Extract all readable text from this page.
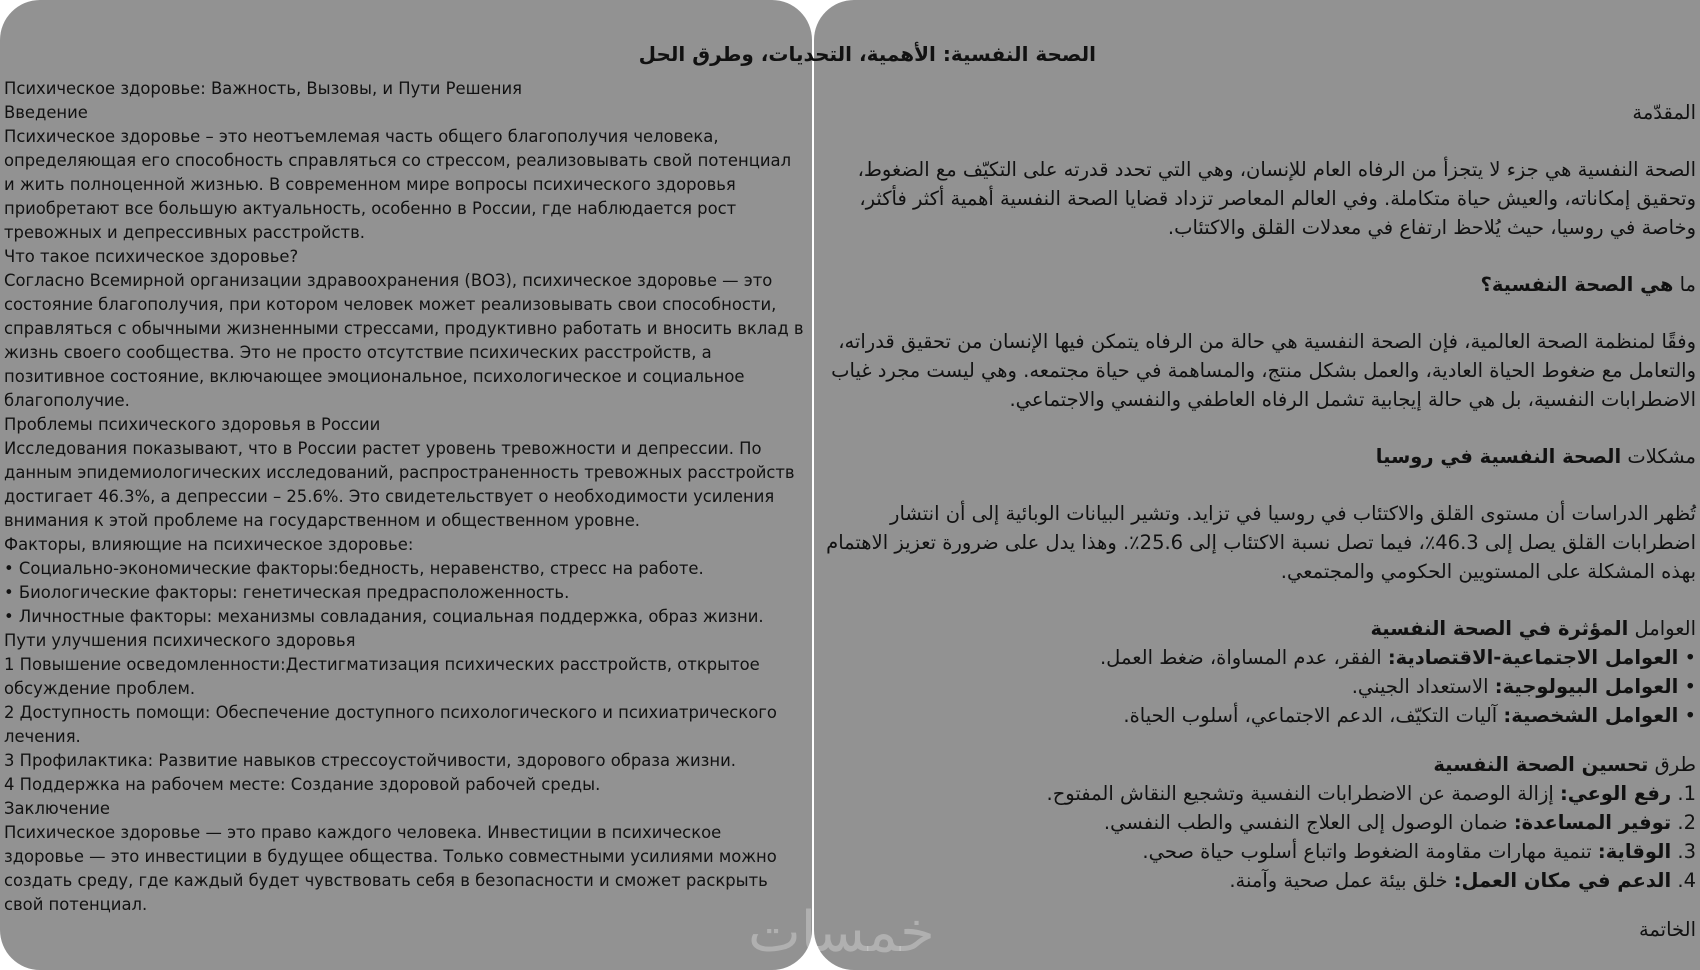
Психическое здоровье: Важность, Вызовы, и Пути Решения

Введение

Психическое здоровье – это неотъемлемая часть общего благополучия человека, определяющая его способность справляться со стрессом, реализовывать свой потенциал и жить полноценной жизнью. В современном мире вопросы психического здоровья приобретают все большую актуальность, особенно в России, где наблюдается рост тревожных и депрессивных расстройств.

Что такое психическое здоровье?

Согласно Всемирной организации здравоохранения (ВОЗ), психическое здоровье — это состояние благополучия, при котором человек может реализовывать свои способности, справляться с обычными жизненными стрессами, продуктивно работать и вносить вклад в жизнь своего сообщества. Это не просто отсутствие психических расстройств, а позитивное состояние, включающее эмоциональное, психологическое и социальное благополучие.

Проблемы психического здоровья в России

Исследования показывают, что в России растет уровень тревожности и депрессии. По данным эпидемиологических исследований, распространенность тревожных расстройств достигает 46.3%, а депрессии – 25.6%. Это свидетельствует о необходимости усиления внимания к этой проблеме на государственном и общественном уровне.

Факторы, влияющие на психическое здоровье:

• Социально-экономические факторы:бедность, неравенство, стресс на работе.

• Биологические факторы: генетическая предрасположенность.

• Личностные факторы: механизмы совладания, социальная поддержка, образ жизни.

Пути улучшения психического здоровья

1 Повышение осведомленности:Дестигматизация психических расстройств, открытое обсуждение проблем.

2 Доступность помощи: Обеспечение доступного психологического и психиатрического лечения.

3 Профилактика: Развитие навыков стрессоустойчивости, здорового образа жизни.

4 Поддержка на рабочем месте: Создание здоровой рабочей среды.

Заключение

Психическое здоровье — это право каждого человека. Инвестиции в психическое здоровье — это инвестиции в будущее общества. Только совместными усилиями можно создать среду, где каждый будет чувствовать себя в безопасности и сможет раскрыть свой потенциал.

الصحة النفسية: الأهمية، التحديات، وطرق الحل

المقدّمة

الصحة النفسية هي جزء لا يتجزأ من الرفاه العام للإنسان، وهي التي تحدد قدرته على التكيّف مع الضغوط، وتحقيق إمكاناته، والعيش حياة متكاملة. وفي العالم المعاصر تزداد قضايا الصحة النفسية أهمية أكثر فأكثر، وخاصة في روسيا، حيث يُلاحظ ارتفاع في معدلات القلق والاكتئاب.

ما هي الصحة النفسية؟

وفقًا لمنظمة الصحة العالمية، فإن الصحة النفسية هي حالة من الرفاه يتمكن فيها الإنسان من تحقيق قدراته، والتعامل مع ضغوط الحياة العادية، والعمل بشكل منتج، والمساهمة في حياة مجتمعه. وهي ليست مجرد غياب الاضطرابات النفسية، بل هي حالة إيجابية تشمل الرفاه العاطفي والنفسي والاجتماعي.

مشكلات الصحة النفسية في روسيا

تُظهر الدراسات أن مستوى القلق والاكتئاب في روسيا في تزايد. وتشير البيانات الوبائية إلى أن انتشار اضطرابات القلق يصل إلى 46.3٪، فيما تصل نسبة الاكتئاب إلى 25.6٪. وهذا يدل على ضرورة تعزيز الاهتمام بهذه المشكلة على المستويين الحكومي والمجتمعي.

العوامل المؤثرة في الصحة النفسية

• العوامل الاجتماعية-الاقتصادية: الفقر، عدم المساواة، ضغط العمل.

• العوامل البيولوجية: الاستعداد الجيني.

• العوامل الشخصية: آليات التكيّف، الدعم الاجتماعي، أسلوب الحياة.

طرق تحسين الصحة النفسية

1. رفع الوعي: إزالة الوصمة عن الاضطرابات النفسية وتشجيع النقاش المفتوح.

2. توفير المساعدة: ضمان الوصول إلى العلاج النفسي والطب النفسي.

3. الوقاية: تنمية مهارات مقاومة الضغوط واتباع أسلوب حياة صحي.

4. الدعم في مكان العمل: خلق بيئة عمل صحية وآمنة.

الخاتمة

خمسات
